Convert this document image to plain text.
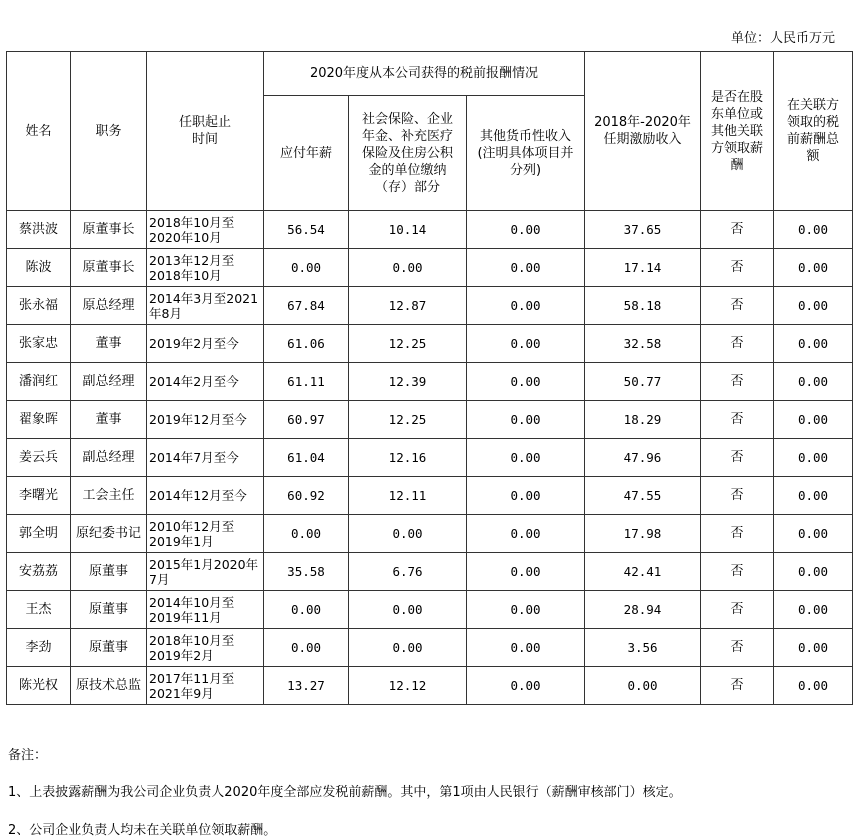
单位：人民币万元
姓名	职务	任职起止时间	2020年度从本公司获得的税前报酬情况			2018年-2020年任期激励收入	是否在股东单位或其他关联方领取薪酬	在关联方领取的税前薪酬总额
			应付年薪	社会保险、企业年金、补充医疗保险及住房公积金的单位缴纳（存）部分	其他货币性收入(注明具体项目并分列)			
蔡洪波	原董事长	2018年10月至2020年10月	56.54	10.14	0.00	37.65	否	0.00
陈波	原董事长	2013年12月至2018年10月	0.00	0.00	0.00	17.14	否	0.00
张永福	原总经理	2014年3月至2021年8月	67.84	12.87	0.00	58.18	否	0.00
张家忠	董事	2019年2月至今	61.06	12.25	0.00	32.58	否	0.00
潘润红	副总经理	2014年2月至今	61.11	12.39	0.00	50.77	否	0.00
翟象晖	董事	2019年12月至今	60.97	12.25	0.00	18.29	否	0.00
姜云兵	副总经理	2014年7月至今	61.04	12.16	0.00	47.96	否	0.00
李曙光	工会主任	2014年12月至今	60.92	12.11	0.00	47.55	否	0.00
郭全明	原纪委书记	2010年12月至2019年1月	0.00	0.00	0.00	17.98	否	0.00
安荔荔	原董事	2015年1月2020年7月	35.58	6.76	0.00	42.41	否	0.00
王杰	原董事	2014年10月至2019年11月	0.00	0.00	0.00	28.94	否	0.00
李劲	原董事	2018年10月至2019年2月	0.00	0.00	0.00	3.56	否	0.00
陈光权	原技术总监	2017年11月至2021年9月	13.27	12.12	0.00	0.00	否	0.00

备注：

1、上表披露薪酬为我公司企业负责人2020年度全部应发税前薪酬。其中，第1项由人民银行（薪酬审核部门）核定。

2、公司企业负责人均未在关联单位领取薪酬。
